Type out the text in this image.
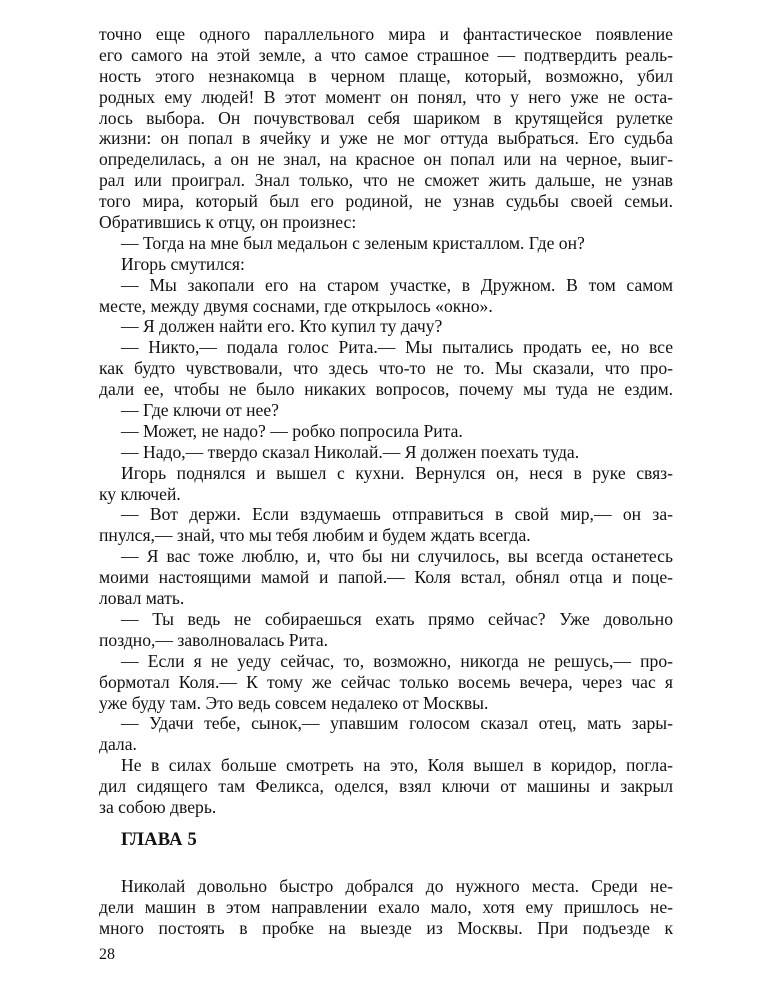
точно еще одного параллельного мира и фантастическое появление
его самого на этой земле, а что самое страшное — подтвердить реаль-
ность этого незнакомца в черном плаще, который, возможно, убил
родных ему людей! В этот момент он понял, что у него уже не оста-
лось выбора. Он почувствовал себя шариком в крутящейся рулетке
жизни: он попал в ячейку и уже не мог оттуда выбраться. Его судьба
определилась, а он не знал, на красное он попал или на черное, выиг-
рал или проиграл. Знал только, что не сможет жить дальше, не узнав
того мира, который был его родиной, не узнав судьбы своей семьи.
Обратившись к отцу, он произнес:
— Тогда на мне был медальон с зеленым кристаллом. Где он?
Игорь смутился:
— Мы закопали его на старом участке, в Дружном. В том самом
месте, между двумя соснами, где открылось «окно».
— Я должен найти его. Кто купил ту дачу?
— Никто,— подала голос Рита.— Мы пытались продать ее, но все
как будто чувствовали, что здесь что-то не то. Мы сказали, что про-
дали ее, чтобы не было никаких вопросов, почему мы туда не ездим.
— Где ключи от нее?
— Может, не надо? — робко попросила Рита.
— Надо,— твердо сказал Николай.— Я должен поехать туда.
Игорь поднялся и вышел с кухни. Вернулся он, неся в руке связ-
ку ключей.
— Вот держи. Если вздумаешь отправиться в свой мир,— он за-
пнулся,— знай, что мы тебя любим и будем ждать всегда.
— Я вас тоже люблю, и, что бы ни случилось, вы всегда останетесь
моими настоящими мамой и папой.— Коля встал, обнял отца и поце-
ловал мать.
— Ты ведь не собираешься ехать прямо сейчас? Уже довольно
поздно,— заволновалась Рита.
— Если я не уеду сейчас, то, возможно, никогда не решусь,— про-
бормотал Коля.— К тому же сейчас только восемь вечера, через час я
уже буду там. Это ведь совсем недалеко от Москвы.
— Удачи тебе, сынок,— упавшим голосом сказал отец, мать зары-
дала.
Не в силах больше смотреть на это, Коля вышел в коридор, погла-
дил сидящего там Феликса, оделся, взял ключи от машины и закрыл
за собою дверь.
ГЛАВА 5
Николай довольно быстро добрался до нужного места. Среди не-
дели машин в этом направлении ехало мало, хотя ему пришлось не-
много постоять в пробке на выезде из Москвы. При подъезде к
28
